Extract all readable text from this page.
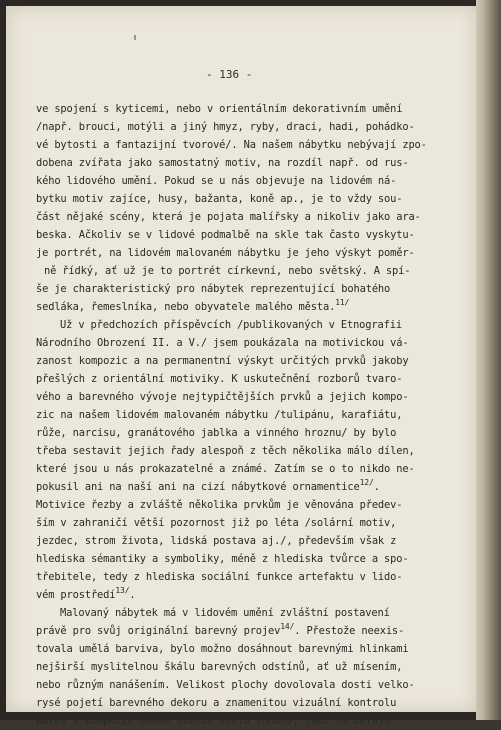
- 136 -
ve spojení s kyticemi, nebo v orientálním dekorativním umění
/např. brouci, motýli a jiný hmyz, ryby, draci, hadi, pohádko-
vé bytosti a fantazijní tvorové/. Na našem nábytku nebývají zpo-
dobena zvířata jako samostatný motiv, na rozdíl např. od rus-
kého lidového umění. Pokud se u nás objevuje na lidovém ná-
bytku motiv zajíce, husy, bažanta, koně ap., je to vždy sou-
část nějaké scény, která je pojata malířsky a nikoliv jako ara-
beska. Ačkoliv se v lidové podmalbě na skle tak často vyskytu-
je portrét, na lidovém malovaném nábytku je jeho výskyt poměr-
ně řídký, ať už je to portrét církevní, nebo světský. A spí-
še je charakteristický pro nábytek reprezentující bohatého
sedláka, řemeslníka, nebo obyvatele malého města.$^{11/}$
Už v předchozích příspěvcích /publikovaných v Etnografii
Národního Obrození II. a V./ jsem poukázala na motivickou vá-
zanost kompozic a na permanentní výskyt určitých prvků jakoby
přešlých z orientální motiviky. K uskutečnění rozborů tvaro-
vého a barevného vývoje nejtypičtějších prvků a jejich kompo-
zic na našem lidovém malovaném nábytku /tulipánu, karafiátu,
růže, narcisu, granátového jablka a vinného hroznu/ by bylo
třeba sestavit jejich řady alespoň z těch několika málo dílen,
které jsou u nás prokazatelné a známé. Zatím se o to nikdo ne-
pokusil ani na naší ani na cizí nábytkové ornamentice$^{12/}$.
Motivice řezby a zvláště několika prvkům je věnována předev-
ším v zahraničí větší pozornost již po léta /solární motiv,
jezdec, strom života, lidská postava aj./, především však z
hlediska sémantiky a symboliky, méně z hlediska tvůrce a spo-
třebitele, tedy z hlediska sociální funkce artefaktu v lido-
vém prostředí$^{13/}$.
Malovaný nábytek má v lidovém umění zvláštní postavení
právě pro svůj originální barevný projev$^{14/}$. Přestože neexis-
tovala umělá barviva, bylo možno dosáhnout barevnými hlinkami
nejširší myslitelnou škálu barevných odstínů, ať už mísením,
nebo různým nanášením. Velikost plochy dovolovala dosti velko-
rysé pojetí barevného dekoru a znamenitou vizuální kontrolu
barev a kompozic během tvorby zcela shodně, jako to dělají
